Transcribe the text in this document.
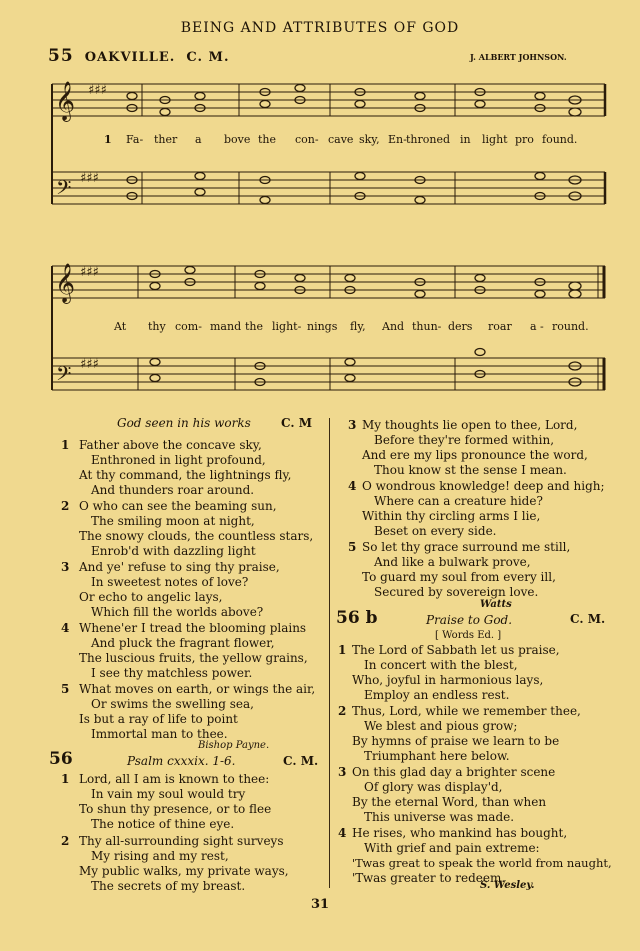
BEING AND ATTRIBUTES OF GOD
55 OAKVILLE. C. M.	J. ALBERT JOHNSON.
𝄞
𝄢
♯♯♯
♯♯♯
1 Fa- ther a bove the con- cave sky, En- throned in light pro found.
𝄞
𝄢
♯♯♯
♯♯♯
At thy com- mand the light- nings fly, And thun- ders roar a - round.
God seen in his works	C. M
1 Father above the concave sky,
Enthroned in light profound,
At thy command, the lightnings fly,
And thunders roar around.
2 O who can see the beaming sun,
The smiling moon at night,
The snowy clouds, the countless stars,
Enrob'd with dazzling light
3 And ye' refuse to sing thy praise,
In sweetest notes of love?
Or echo to angelic lays,
Which fill the worlds above?
4 Whene'er I tread the blooming plains
And pluck the fragrant flower,
The luscious fruits, the yellow grains,
I see thy matchless power.
5 What moves on earth, or wings the air,
Or swims the swelling sea,
Is but a ray of life to point
Immortal man to thee.
Bishop Payne.
56	Psalm cxxxix. 1-6.	C. M.
1 Lord, all I am is known to thee:
In vain my soul would try
To shun thy presence, or to flee
The notice of thine eye.
2 Thy all-surrounding sight surveys
My rising and my rest,
My public walks, my private ways,
The secrets of my breast.
3 My thoughts lie open to thee, Lord,
Before they're formed within,
And ere my lips pronounce the word,
Thou know st the sense I mean.
4 O wondrous knowledge! deep and high;
Where can a creature hide?
Within thy circling arms I lie,
Beset on every side.
5 So let thy grace surround me still,
And like a bulwark prove,
To guard my soul from every ill,
Secured by sovereign love.
Watts
56 b	Praise to God.	C. M.
[ Words Ed. ]
1 The Lord of Sabbath let us praise,
In concert with the blest,
Who, joyful in harmonious lays,
Employ an endless rest.
2 Thus, Lord, while we remember thee,
We blest and pious grow;
By hymns of praise we learn to be
Triumphant here below.
3 On this glad day a brighter scene
Of glory was display'd,
By the eternal Word, than when
This universe was made.
4 He rises, who mankind has bought,
With grief and pain extreme:
'Twas great to speak the world from naught,
'Twas greater to redeem.
S. Wesley.
31
